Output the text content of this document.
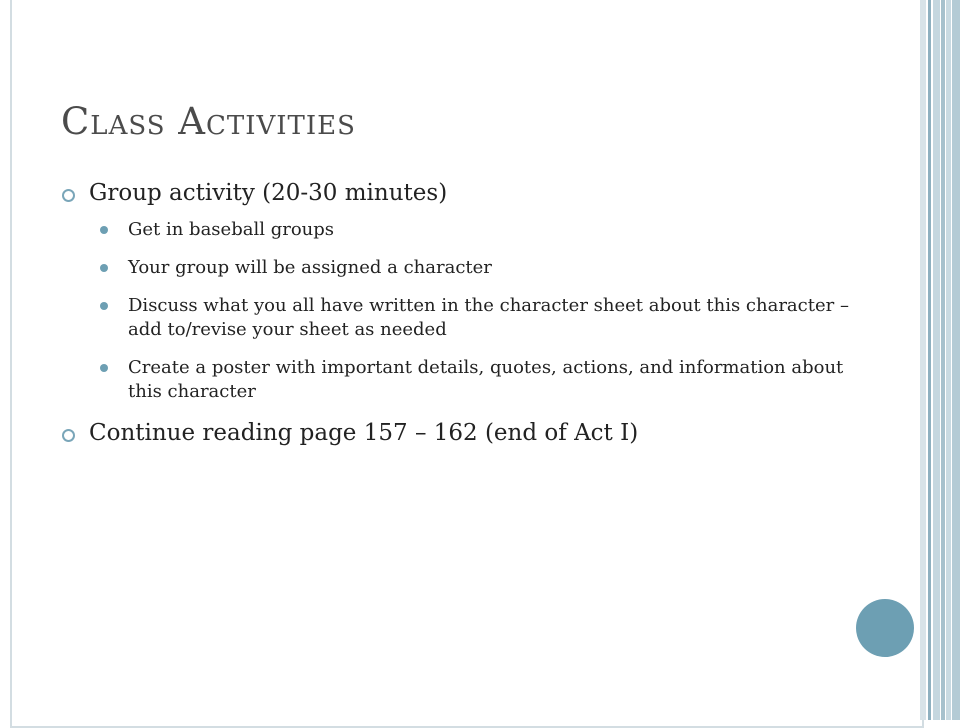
Class Activities
Group activity (20-30 minutes)
Get in baseball groups
Your group will be assigned a character
Discuss what you all have written in the character sheet about this character – add to/revise your sheet as needed
Create a poster with important details, quotes, actions, and information about this character
Continue reading page 157 – 162 (end of Act I)
